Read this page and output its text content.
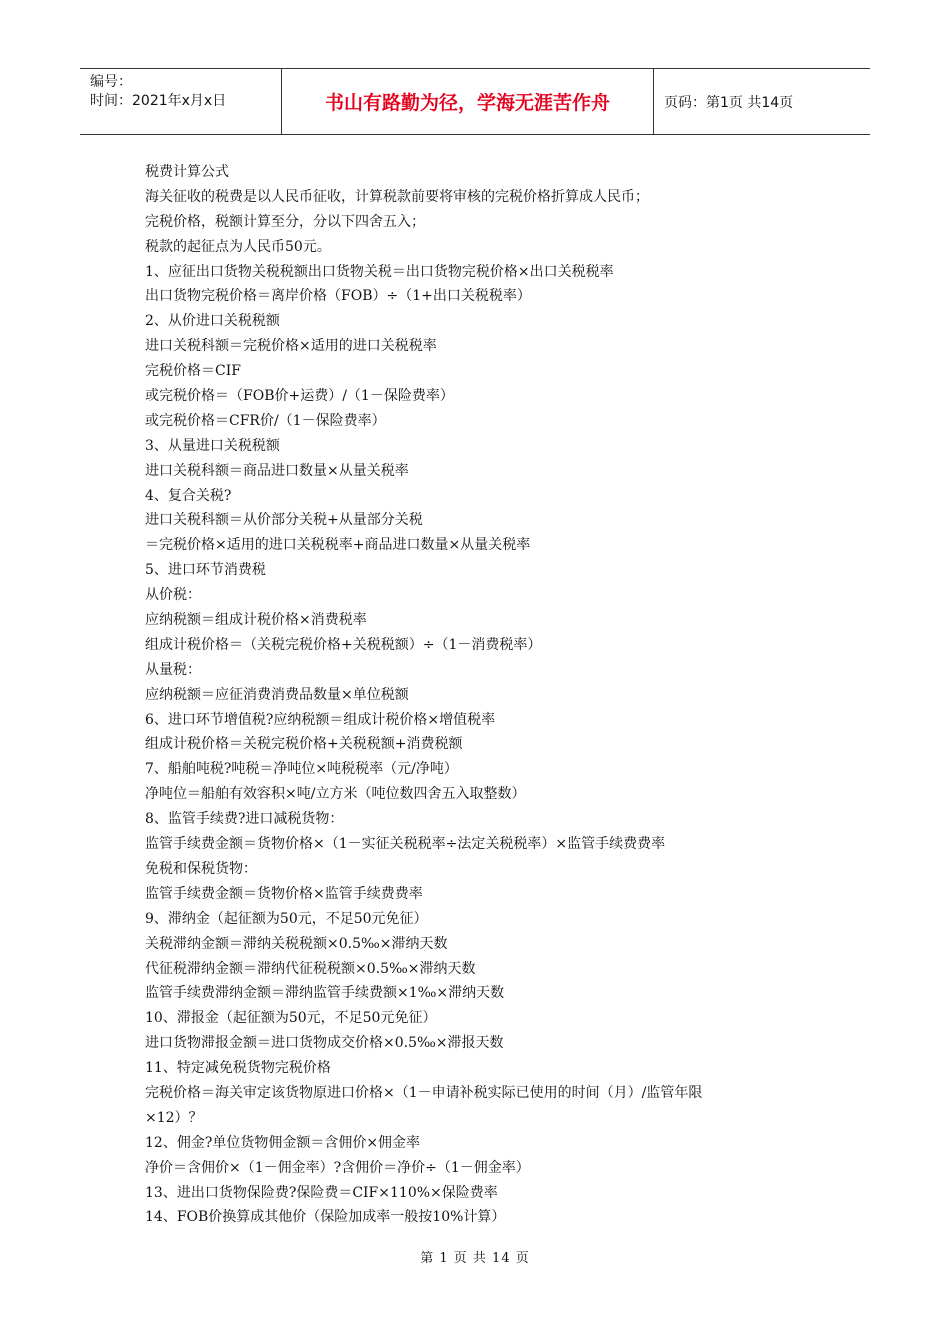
编号：
时间：2021年x月x日	书山有路勤为径，学海无涯苦作舟	页码：第1页 共14页
税费计算公式
海关征收的税费是以人民币征收，计算税款前要将审核的完税价格折算成人民币；
完税价格，税额计算至分，分以下四舍五入；
税款的起征点为人民币50元。
1、应征出口货物关税税额出口货物关税＝出口货物完税价格×出口关税税率
出口货物完税价格＝离岸价格（FOB）÷（1+出口关税税率）
2、从价进口关税税额
进口关税科额＝完税价格×适用的进口关税税率
完税价格＝CIF
或完税价格＝（FOB价+运费）/（1－保险费率）
或完税价格＝CFR价/（1－保险费率）
3、从量进口关税税额
进口关税科额＝商品进口数量×从量关税率
4、复合关税?
进口关税科额＝从价部分关税+从量部分关税
＝完税价格×适用的进口关税税率+商品进口数量×从量关税率
5、进口环节消费税
从价税：
应纳税额＝组成计税价格×消费税率
组成计税价格＝（关税完税价格+关税税额）÷（1－消费税率）
从量税：
应纳税额＝应征消费消费品数量×单位税额
6、进口环节增值税?应纳税额＝组成计税价格×增值税率
组成计税价格＝关税完税价格+关税税额+消费税额
7、船舶吨税?吨税＝净吨位×吨税税率（元/净吨）
净吨位＝船舶有效容积×吨/立方米（吨位数四舍五入取整数）
8、监管手续费?进口减税货物：
监管手续费金额＝货物价格×（1－实征关税税率÷法定关税税率）×监管手续费费率
免税和保税货物：
监管手续费金额＝货物价格×监管手续费费率
9、滞纳金（起征额为50元，不足50元免征）
关税滞纳金额＝滞纳关税税额×0.5‰×滞纳天数
代征税滞纳金额＝滞纳代征税税额×0.5‰×滞纳天数
监管手续费滞纳金额＝滞纳监管手续费额×1‰×滞纳天数
10、滞报金（起征额为50元，不足50元免征）
进口货物滞报金额＝进口货物成交价格×0.5‰×滞报天数
11、特定减免税货物完税价格
完税价格＝海关审定该货物原进口价格×（1－申请补税实际已使用的时间（月）/监管年限
×12）？
12、佣金?单位货物佣金额＝含佣价×佣金率
净价＝含佣价×（1－佣金率）?含佣价＝净价÷（1－佣金率）
13、进出口货物保险费?保险费＝CIF×110%×保险费率
14、FOB价换算成其他价（保险加成率一般按10%计算）
第 1 页 共 14 页
